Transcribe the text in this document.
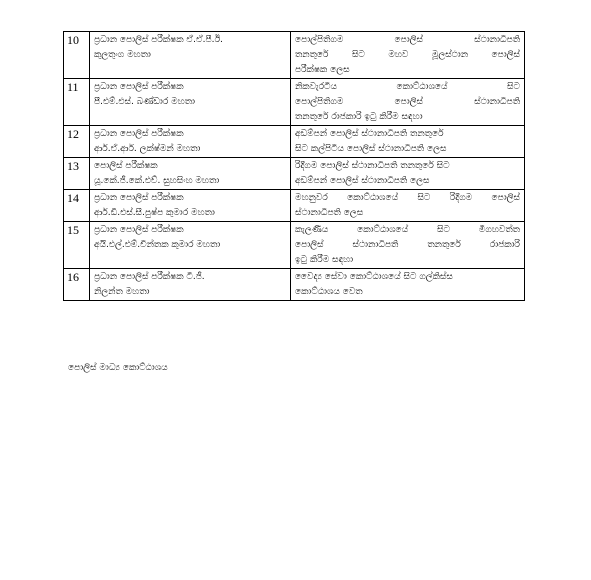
10	ප්‍රධාන පොලිස් පරීක්ෂක ඒ.ඒ.පී.ඊ.
කුලතුංග මහතා	පොල්පිතිගම පොලිස් ස්ථානාධිපති
තනතුරේ සිට මහව මූලස්ථාන පොලිස්
පරීක්ෂක ලෙස

11	ප්‍රධාන පොලිස් පරීක්ෂක
පී.එම්.එස්. බණ්ඩාර මහතා	නිකවැරටිය කොට්ඨාශයේ සිට
පොල්පිතිගම පොලිස් ස්ථානාධිපති
තනතුරේ රාජකාරි ඉටු කිරීම සඳහා

12	ප්‍රධාන පොලිස් පරීක්ෂක
ආර්.ඒ.ආර්. ලක්ෂ්මන් මහතා	අඩම්පන් පොලිස් ස්ථානාධිපති තනතුරේ
සිට කල්පිටිය පොලිස් ස්ථානාධිපති ලෙස

13	පොලිස් පරීක්ෂක
යූ.කේ.ජී.කේ.එච්. සුහසිංහ මහතා	රිදීගම පොලිස් ස්ථානාධිපති තනතුරේ සිට
අඩම්පන් පොලිස් ස්ථානාධිපති ලෙස

14	ප්‍රධාන පොලිස් පරීක්ෂක
ආර්.ඩී.එස්.සී.පුෂ්ප කුමාර මහතා	මහනුවර කොට්ඨාශයේ සිට රිදීගම පොලිස්
ස්ථානාධිපති ලෙස

15	ප්‍රධාන පොලිස් පරීක්ෂක
අයි.එල්.එම්.චින්තක කුමාර මහතා	කැලණිය කොට්ඨාශයේ සිට මීගහවත්ත
පොලිස් ස්ථානාධිපති තනතුරේ රාජකාරි
ඉටු කිරීම සඳහා

16	ප්‍රධාන පොලිස් පරීක්ෂක ටී.ජී.
නිලන්ත මහතා	වෛද්‍ය සේවා කොට්ඨාශයේ සිට ගල්කිස්ස
කොට්ඨාශය වෙත
පොලිස් මාධ්‍ය කොට්ඨාශය
